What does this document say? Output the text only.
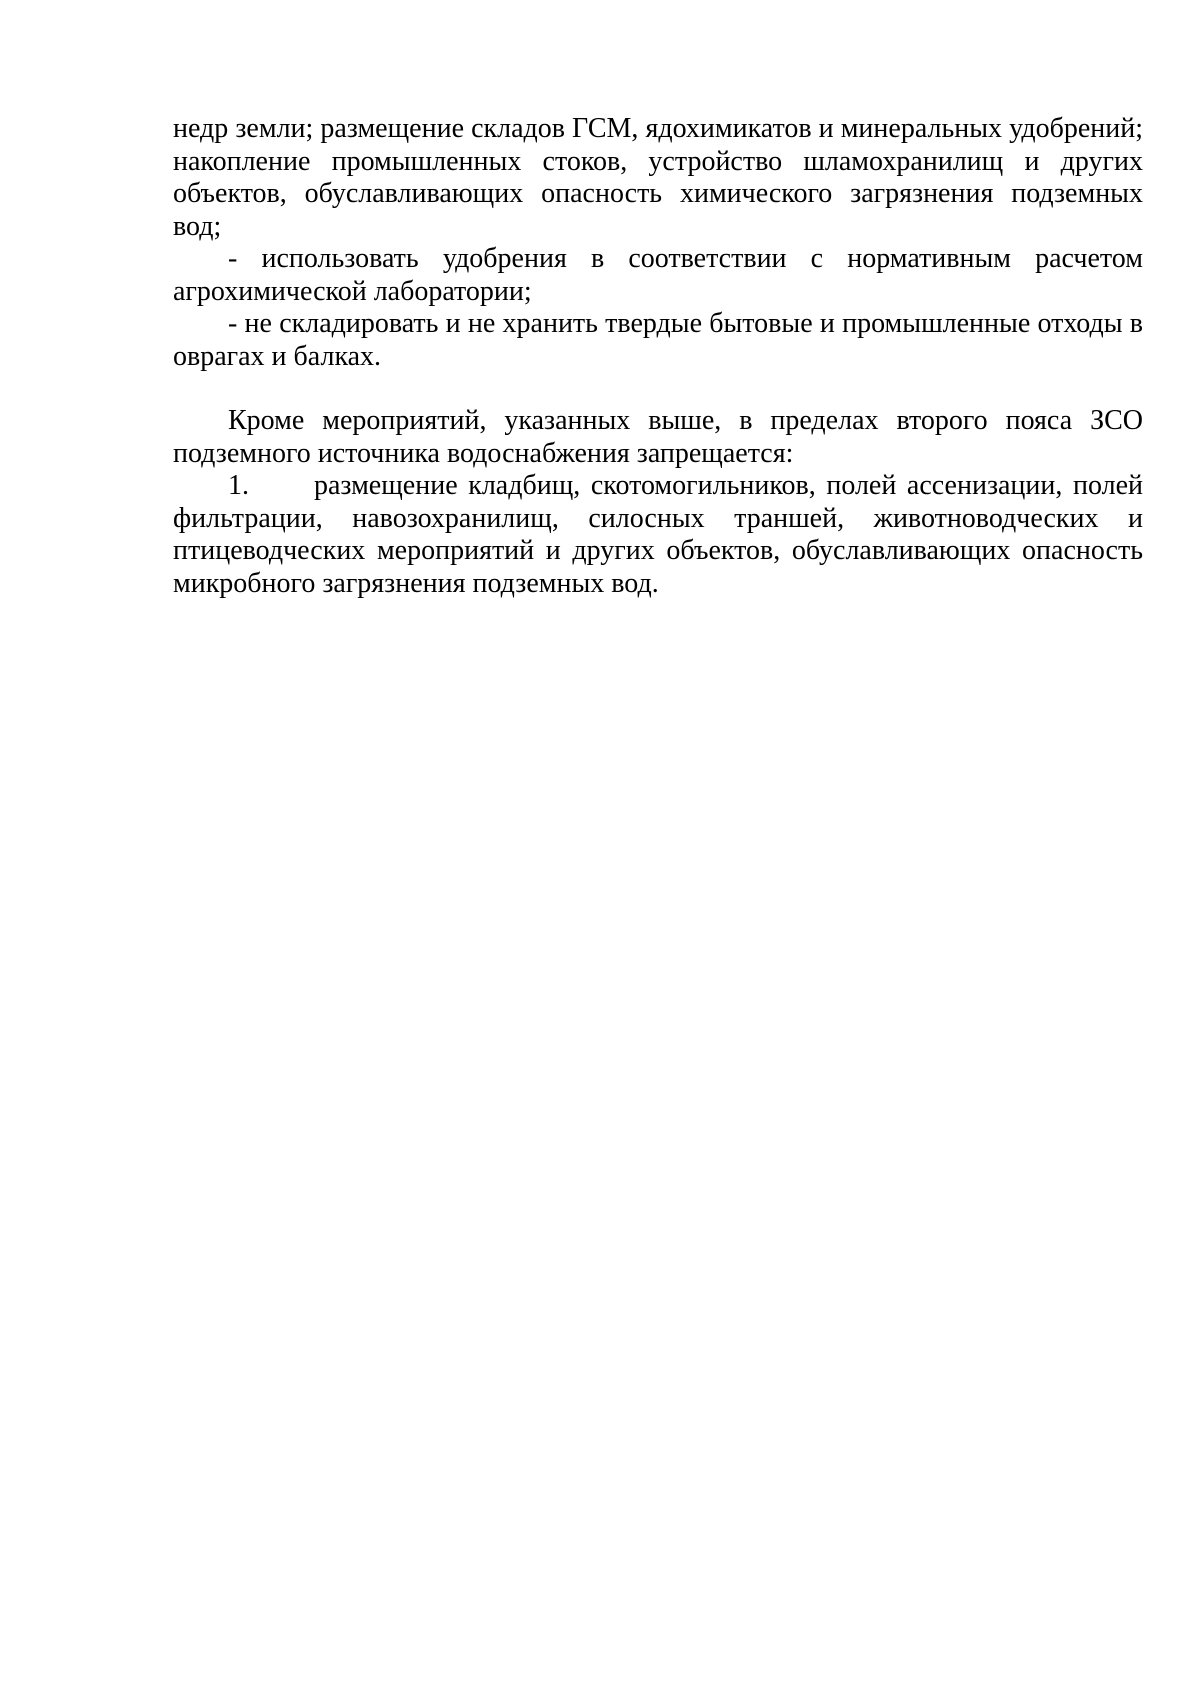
недр земли; размещение складов ГСМ, ядохимикатов и минеральных удобрений; накопление промышленных стоков, устройство шламохранилищ и других объектов, обуславливающих опасность химического загрязнения подземных вод;

- использовать удобрения в соответствии с нормативным расчетом агрохимической лаборатории;

- не складировать и не хранить твердые бытовые и промышленные отходы в оврагах и балках.

Кроме мероприятий, указанных выше, в пределах второго пояса ЗСО подземного источника водоснабжения запрещается:

1. размещение кладбищ, скотомогильников, полей ассенизации, полей фильтрации, навозохранилищ, силосных траншей, животноводческих и птицеводческих мероприятий и других объектов, обуславливающих опасность микробного загрязнения подземных вод.
